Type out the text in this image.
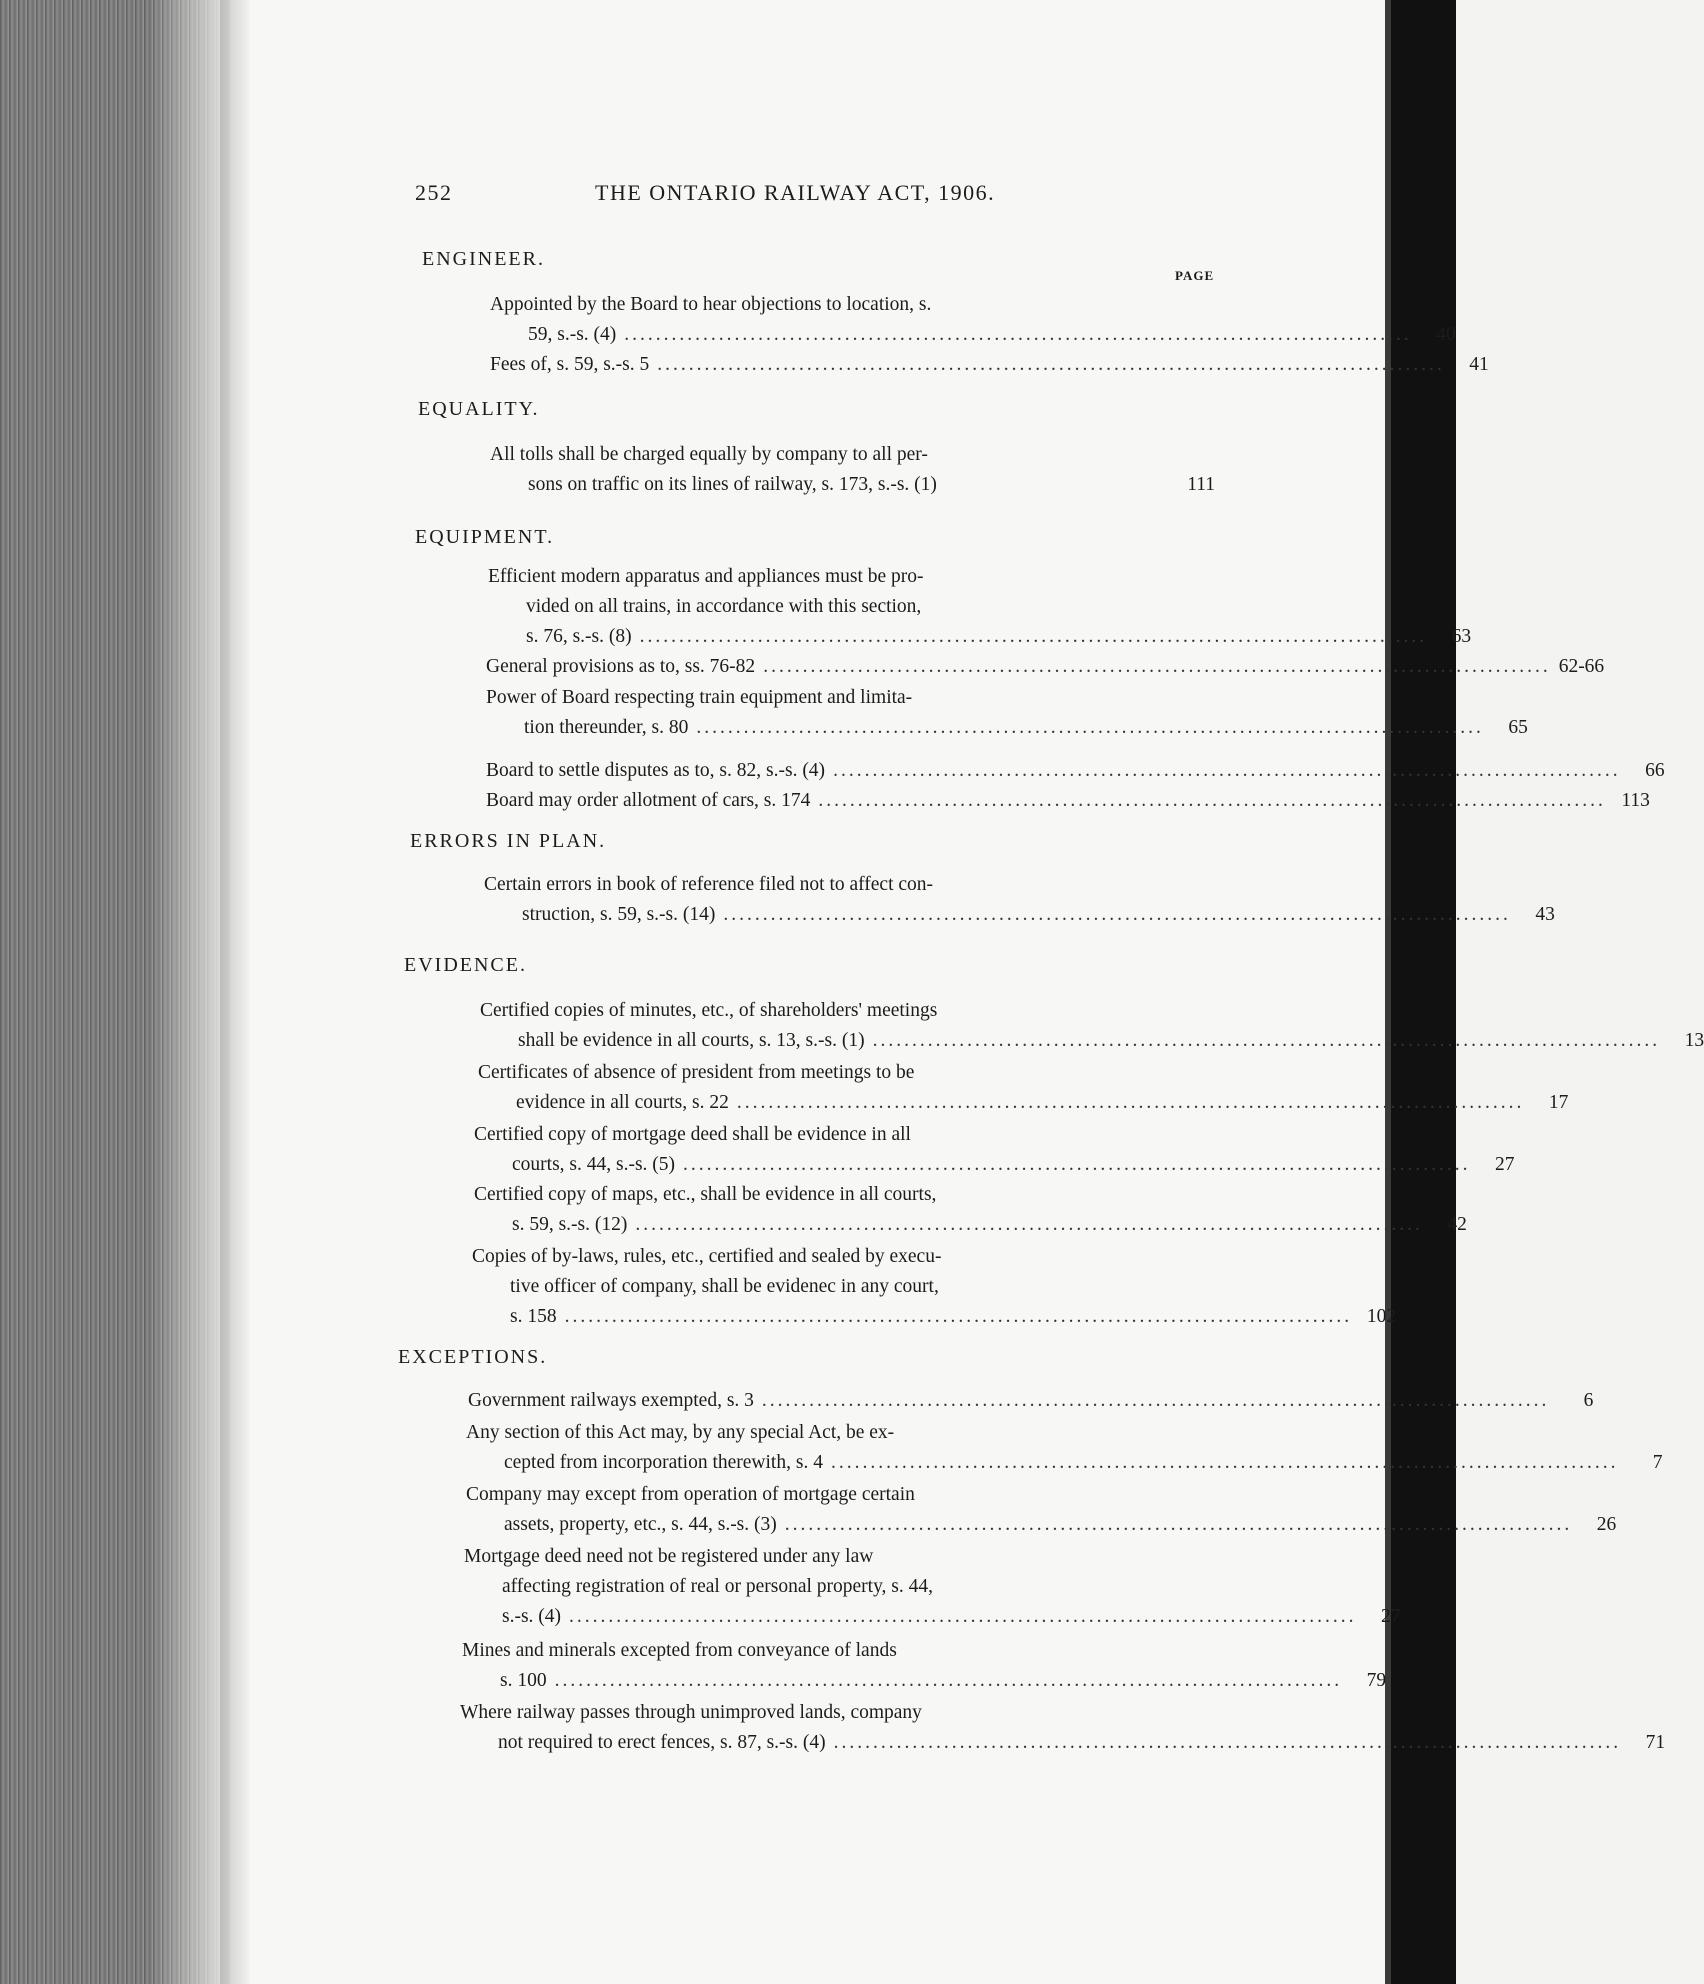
252	THE ONTARIO RAILWAY ACT, 1906.
PAGE
ENGINEER.
Appointed by the Board to hear objections to location, s.
59, s.-s. (4) ....................................................................................................	40
Fees of, s. 59, s.-s. 5 ....................................................................................................	41
EQUALITY.
All tolls shall be charged equally by company to all per-
sons on traffic on its lines of railway, s. 173, s.-s. (1)	111
EQUIPMENT.
Efficient modern apparatus and appliances must be pro-
vided on all trains, in accordance with this section,
s. 76, s.-s. (8) ....................................................................................................	63
General provisions as to, ss. 76-82 .................................................................................................... 62-66
Power of Board respecting train equipment and limita-
tion thereunder, s. 80 ....................................................................................................	65
Board to settle disputes as to, s. 82, s.-s. (4) ....................................................................................................	66
Board may order allotment of cars, s. 174 .................................................................................................... 113
ERRORS IN PLAN.
Certain errors in book of reference filed not to affect con-
struction, s. 59, s.-s. (14) ....................................................................................................	43
EVIDENCE.
Certified copies of minutes, etc., of shareholders' meetings
shall be evidence in all courts, s. 13, s.-s. (1) ....................................................................................................	13
Certificates of absence of president from meetings to be
evidence in all courts, s. 22 ....................................................................................................	17
Certified copy of mortgage deed shall be evidence in all
courts, s. 44, s.-s. (5) ....................................................................................................	27
Certified copy of maps, etc., shall be evidence in all courts,
s. 59, s.-s. (12) ....................................................................................................	42
Copies of by-laws, rules, etc., certified and sealed by execu-
tive officer of company, shall be evidenec in any court,
s. 158 .................................................................................................... 102
EXCEPTIONS.
Government railways exempted, s. 3 ....................................................................................................	6
Any section of this Act may, by any special Act, be ex-
cepted from incorporation therewith, s. 4 ....................................................................................................	7
Company may except from operation of mortgage certain
assets, property, etc., s. 44, s.-s. (3) ....................................................................................................	26
Mortgage deed need not be registered under any law
affecting registration of real or personal property, s. 44,
s.-s. (4) ....................................................................................................	27
Mines and minerals excepted from conveyance of lands
s. 100 ....................................................................................................	79
Where railway passes through unimproved lands, company
not required to erect fences, s. 87, s.-s. (4) ....................................................................................................	71
